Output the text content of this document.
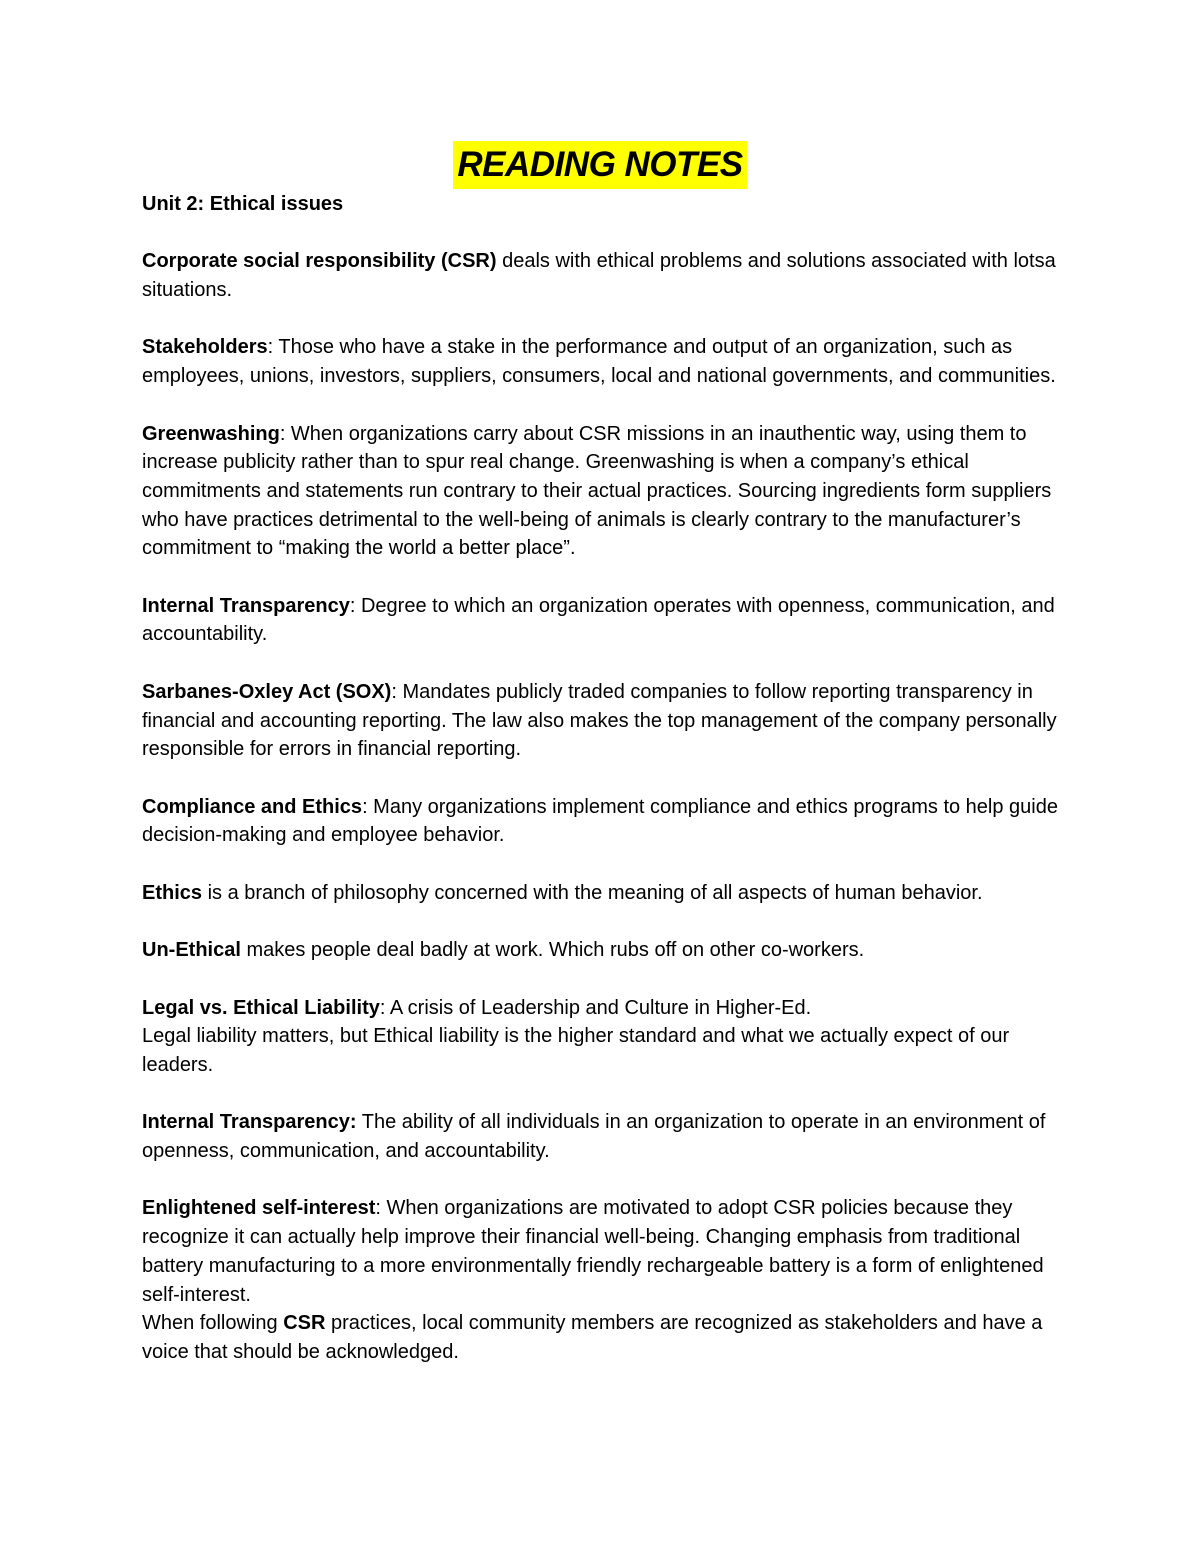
READING NOTES

Unit 2: Ethical issues

Corporate social responsibility (CSR) deals with ethical problems and solutions associated with lotsa situations.

Stakeholders: Those who have a stake in the performance and output of an organization, such as employees, unions, investors, suppliers, consumers, local and national governments, and communities.

Greenwashing: When organizations carry about CSR missions in an inauthentic way, using them to increase publicity rather than to spur real change. Greenwashing is when a company’s ethical commitments and statements run contrary to their actual practices. Sourcing ingredients form suppliers who have practices detrimental to the well-being of animals is clearly contrary to the manufacturer’s commitment to “making the world a better place”.

Internal Transparency: Degree to which an organization operates with openness, communication, and accountability.

Sarbanes-Oxley Act (SOX): Mandates publicly traded companies to follow reporting transparency in financial and accounting reporting. The law also makes the top management of the company personally responsible for errors in financial reporting.

Compliance and Ethics: Many organizations implement compliance and ethics programs to help guide decision-making and employee behavior.

Ethics is a branch of philosophy concerned with the meaning of all aspects of human behavior.

Un-Ethical makes people deal badly at work. Which rubs off on other co-workers.

Legal vs. Ethical Liability: A crisis of Leadership and Culture in Higher-Ed.

Legal liability matters, but Ethical liability is the higher standard and what we actually expect of our leaders.

Internal Transparency: The ability of all individuals in an organization to operate in an environment of openness, communication, and accountability.

Enlightened self-interest: When organizations are motivated to adopt CSR policies because they recognize it can actually help improve their financial well-being. Changing emphasis from traditional battery manufacturing to a more environmentally friendly rechargeable battery is a form of enlightened self-interest.

When following CSR practices, local community members are recognized as stakeholders and have a voice that should be acknowledged.
